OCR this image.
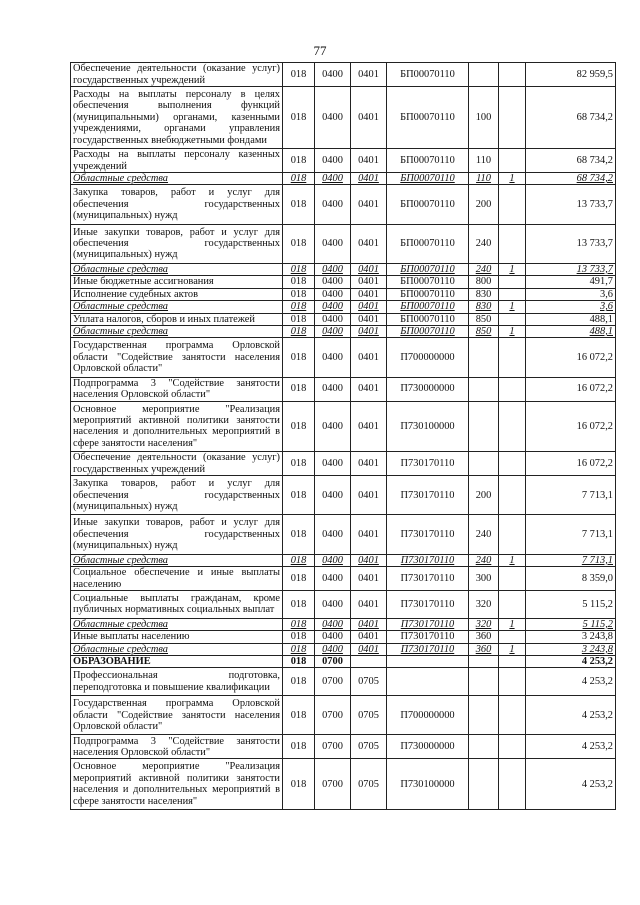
77
Обеспечение деятельности (оказание услуг) государственных учреждений	018	0400	0401	БП00070110			82 959,5
Расходы на выплаты персоналу в целях обеспечения выполнения функций (муниципальными) органами, казенными учреждениями, органами управления государственных внебюджетными фондами	018	0400	0401	БП00070110	100		68 734,2
Расходы на выплаты персоналу казенных учреждений	018	0400	0401	БП00070110	110		68 734,2
Областные средства	018	0400	0401	БП00070110	110	1	68 734,2
Закупка товаров, работ и услуг для обеспечения государственных (муниципальных) нужд	018	0400	0401	БП00070110	200		13 733,7
Иные закупки товаров, работ и услуг для обеспечения государственных (муниципальных) нужд	018	0400	0401	БП00070110	240		13 733,7
Областные средства	018	0400	0401	БП00070110	240	1	13 733,7
Иные бюджетные ассигнования	018	0400	0401	БП00070110	800		491,7
Исполнение судебных актов	018	0400	0401	БП00070110	830		3,6
Областные средства	018	0400	0401	БП00070110	830	1	3,6
Уплата налогов, сборов и иных платежей	018	0400	0401	БП00070110	850		488,1
Областные средства	018	0400	0401	БП00070110	850	1	488,1
Государственная программа Орловской области "Содействие занятости населения Орловской области"	018	0400	0401	П700000000			16 072,2
Подпрограмма 3 "Содействие занятости населения Орловской области"	018	0400	0401	П730000000			16 072,2
Основное мероприятие "Реализация мероприятий активной политики занятости населения и дополнительных мероприятий в сфере занятости населения"	018	0400	0401	П730100000			16 072,2
Обеспечение деятельности (оказание услуг) государственных учреждений	018	0400	0401	П730170110			16 072,2
Закупка товаров, работ и услуг для обеспечения государственных (муниципальных) нужд	018	0400	0401	П730170110	200		7 713,1
Иные закупки товаров, работ и услуг для обеспечения государственных (муниципальных) нужд	018	0400	0401	П730170110	240		7 713,1
Областные средства	018	0400	0401	П730170110	240	1	7 713,1
Социальное обеспечение и иные выплаты населению	018	0400	0401	П730170110	300		8 359,0
Социальные выплаты гражданам, кроме публичных нормативных социальных выплат	018	0400	0401	П730170110	320		5 115,2
Областные средства	018	0400	0401	П730170110	320	1	5 115,2
Иные выплаты населению	018	0400	0401	П730170110	360		3 243,8
Областные средства	018	0400	0401	П730170110	360	1	3 243,8
ОБРАЗОВАНИЕ	018	0700					4 253,2
Профессиональная подготовка, переподготовка и повышение квалификации	018	0700	0705				4 253,2
Государственная программа Орловской области "Содействие занятости населения Орловской области"	018	0700	0705	П700000000			4 253,2
Подпрограмма 3 "Содействие занятости населения Орловской области"	018	0700	0705	П730000000			4 253,2
Основное мероприятие "Реализация мероприятий активной политики занятости населения и дополнительных мероприятий в сфере занятости населения"	018	0700	0705	П730100000			4 253,2
